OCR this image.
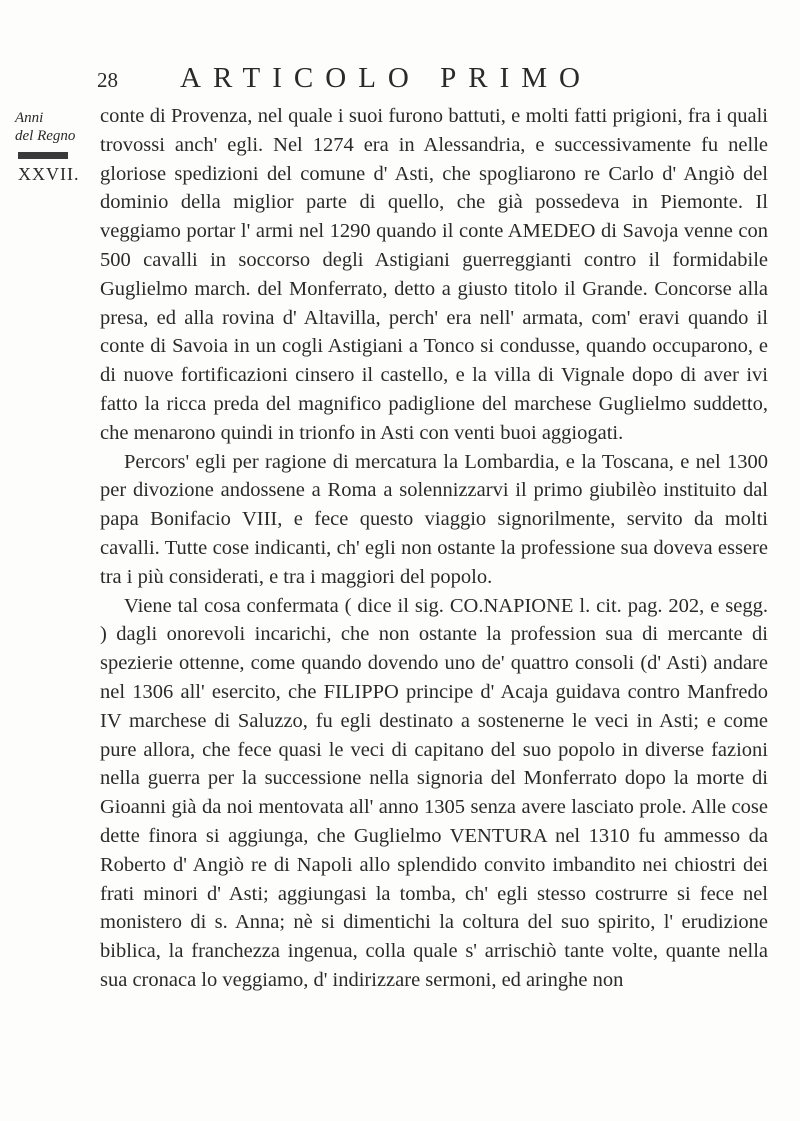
28 ARTICOLO PRIMO
Anni
del Regno
XXVII.

conte di Provenza, nel quale i suoi furono battuti, e molti fatti prigioni, fra i quali trovossi anch' egli. Nel 1274 era in Alessandria, e successivamente fu nelle gloriose spedizioni del comune d' Asti, che spogliarono re Carlo d' Angiò del dominio della miglior parte di quello, che già possedeva in Piemonte. Il veggiamo portar l' armi nel 1290 quando il conte AMEDEO di Savoja venne con 500 cavalli in soccorso degli Astigiani guerreggianti contro il formidabile Guglielmo march. del Monferrato, detto a giusto titolo il Grande. Concorse alla presa, ed alla rovina d' Altavilla, perch' era nell' armata, com' eravi quando il conte di Savoia in un cogli Astigiani a Tonco si condusse, quando occuparono, e di nuove fortificazioni cinsero il castello, e la villa di Vignale dopo di aver ivi fatto la ricca preda del magnifico padiglione del marchese Guglielmo suddetto, che menarono quindi in trionfo in Asti con venti buoi aggiogati.

Percors' egli per ragione di mercatura la Lombardia, e la Toscana, e nel 1300 per divozione andossene a Roma a solennizzarvi il primo giubilèo instituito dal papa Bonifacio VIII, e fece questo viaggio signorilmente, servito da molti cavalli. Tutte cose indicanti, ch' egli non ostante la professione sua doveva essere tra i più considerati, e tra i maggiori del popolo.

Viene tal cosa confermata ( dice il sig. CO.NAPIONE l. cit. pag. 202, e segg. ) dagli onorevoli incarichi, che non ostante la profession sua di mercante di spezierie ottenne, come quando dovendo uno de' quattro consoli (d' Asti) andare nel 1306 all' esercito, che FILIPPO principe d' Acaja guidava contro Manfredo IV marchese di Saluzzo, fu egli destinato a sostenerne le veci in Asti; e come pure allora, che fece quasi le veci di capitano del suo popolo in diverse fazioni nella guerra per la successione nella signoria del Monferrato dopo la morte di Gioanni già da noi mentovata all' anno 1305 senza avere lasciato prole. Alle cose dette finora si aggiunga, che Guglielmo VENTURA nel 1310 fu ammesso da Roberto d' Angiò re di Napoli allo splendido convito imbandito nei chiostri dei frati minori d' Asti; aggiungasi la tomba, ch' egli stesso costrurre si fece nel monistero di s. Anna; nè si dimentichi la coltura del suo spirito, l' erudizione biblica, la franchezza ingenua, colla quale s' arrischiò tante volte, quante nella sua cronaca lo veggiamo, d' indirizzare sermoni, ed aringhe non
